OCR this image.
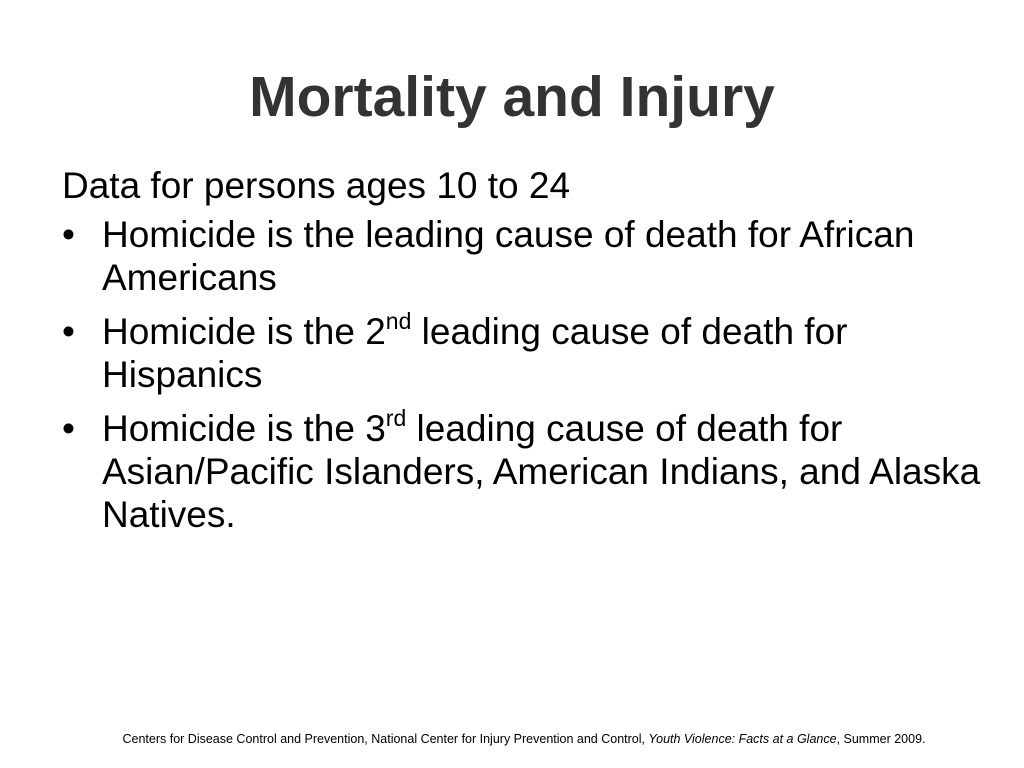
Mortality and Injury
Data for persons ages 10 to 24
• Homicide is the leading cause of death for African Americans
• Homicide is the 2nd leading cause of death for Hispanics
• Homicide is the 3rd leading cause of death for Asian/Pacific Islanders, American Indians, and Alaska Natives.
Centers for Disease Control and Prevention, National Center for Injury Prevention and Control, Youth Violence: Facts at a Glance, Summer 2009.
